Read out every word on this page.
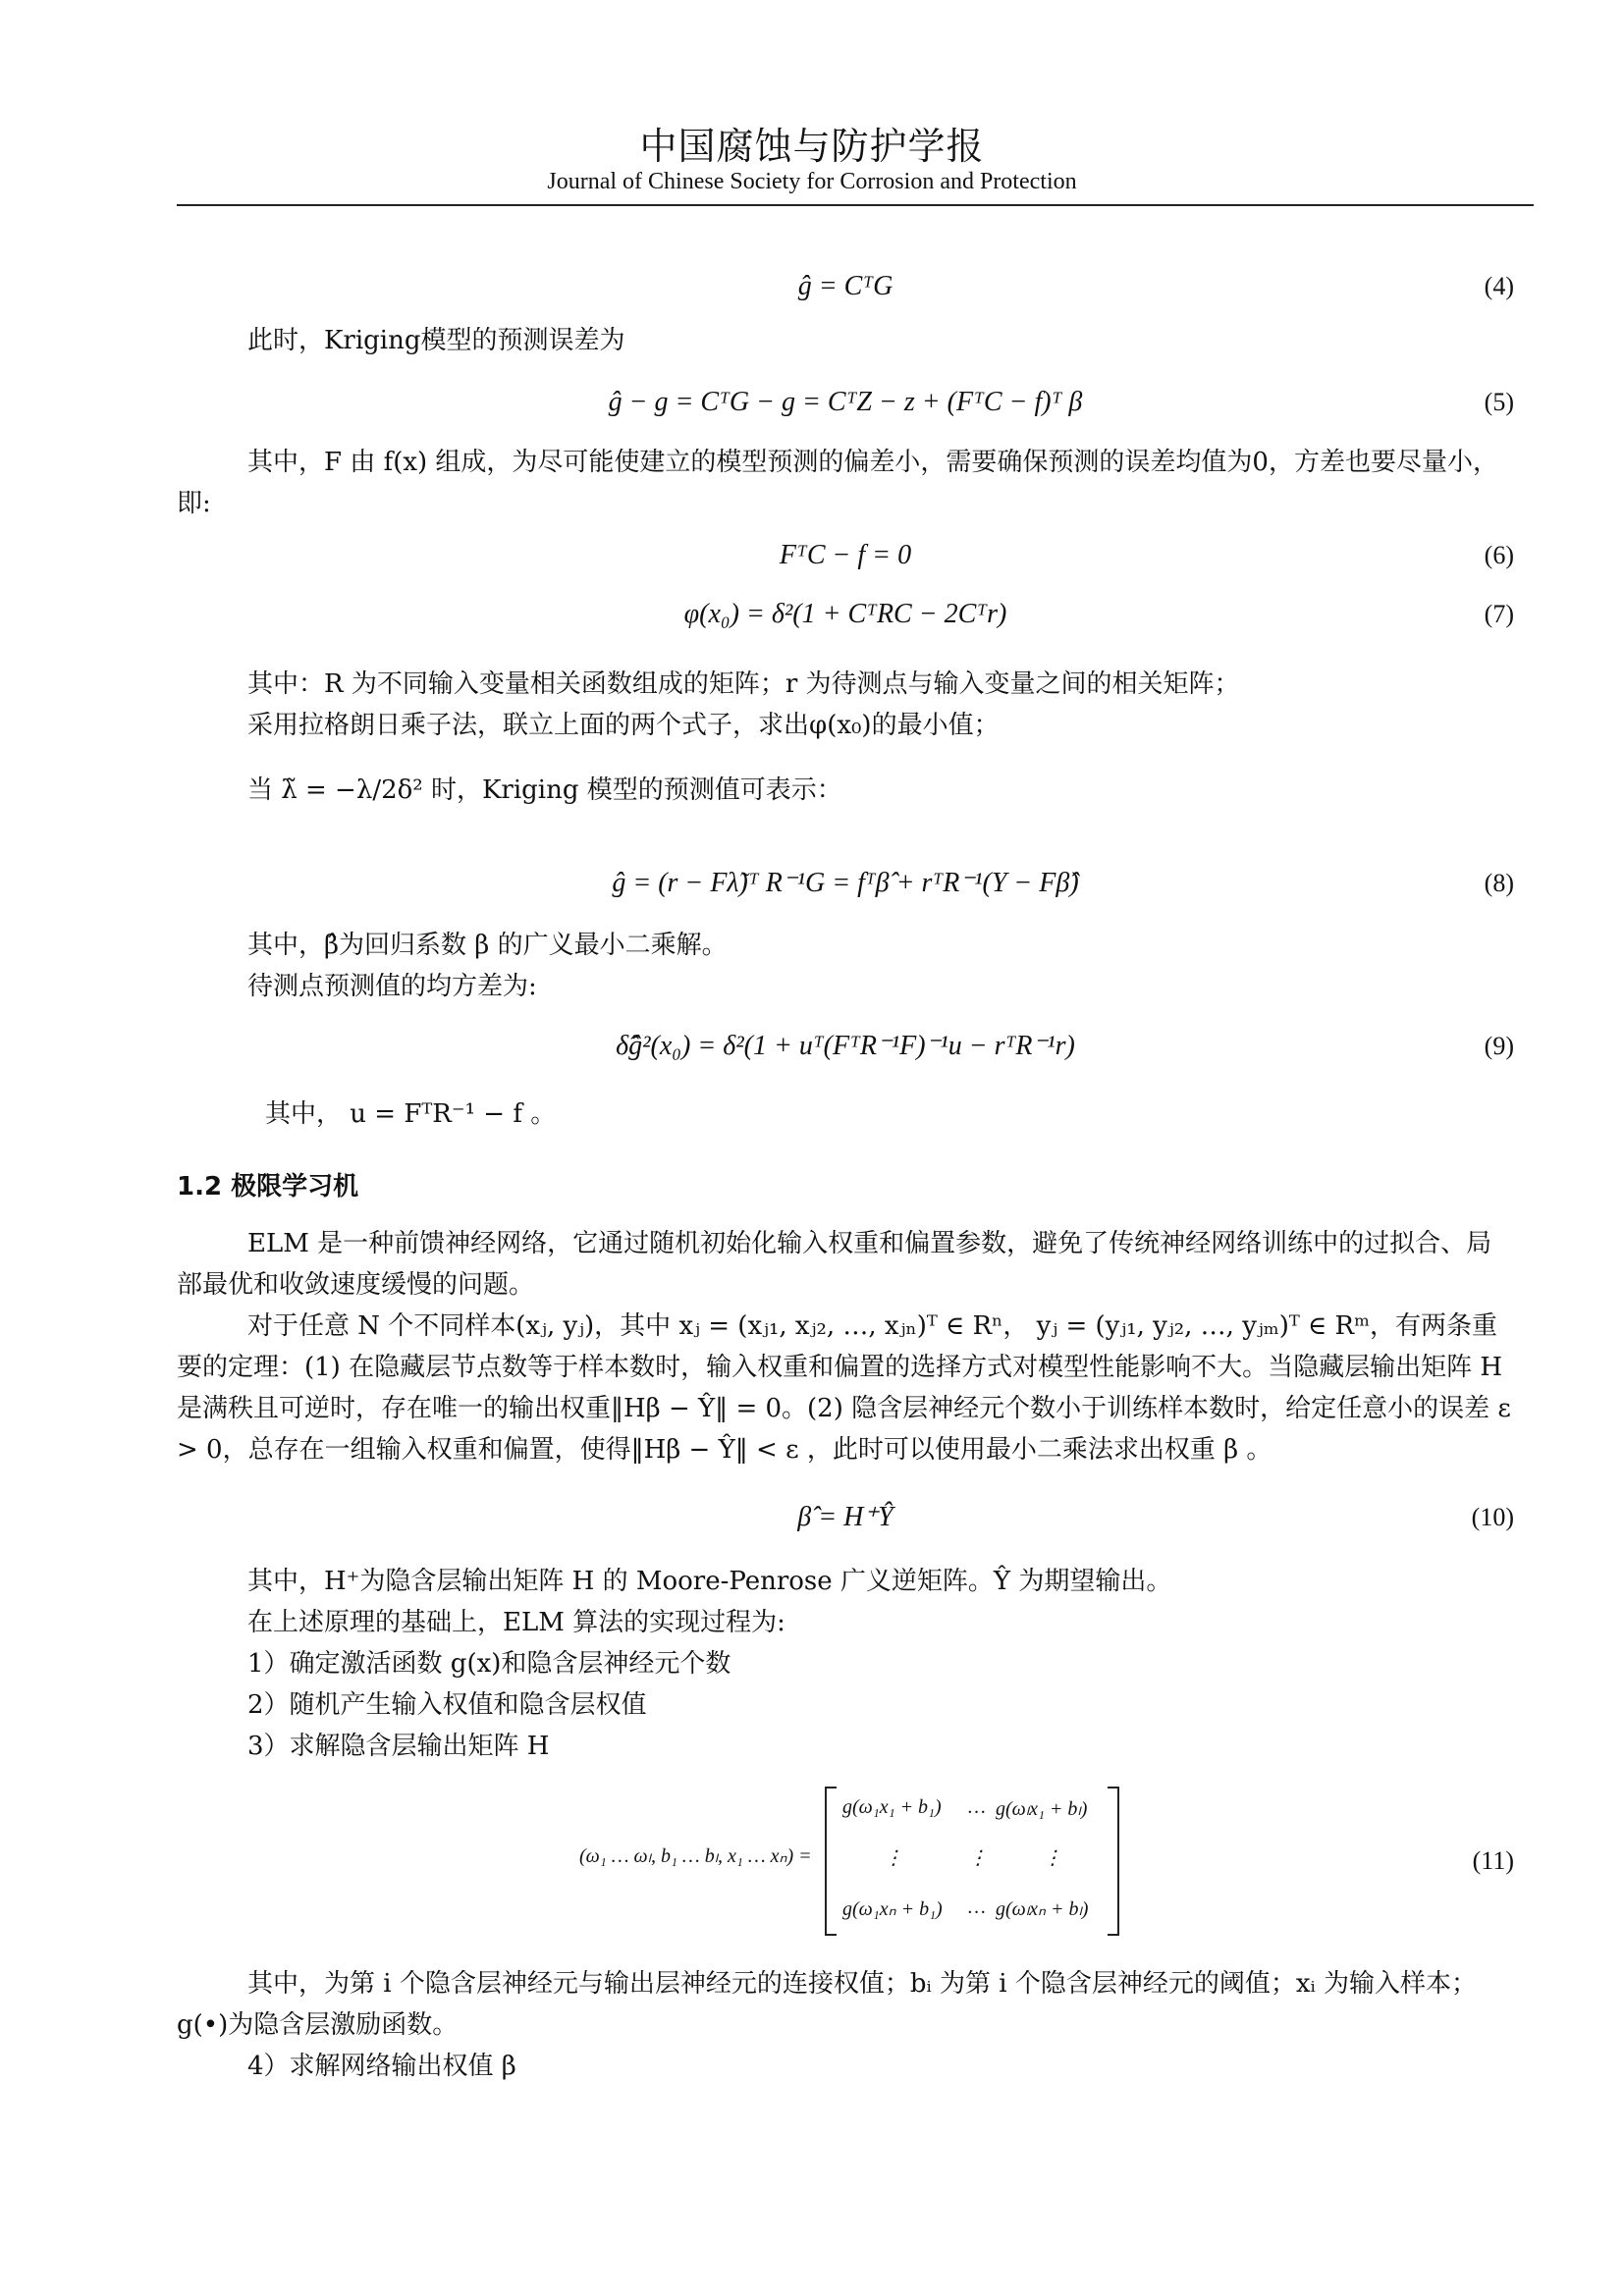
中国腐蚀与防护学报
Journal of Chinese Society for Corrosion and Protection
ĝ = CᵀG	(4)
此时，Kriging模型的预测误差为
ĝ − g = CᵀG − g = CᵀZ − z + (FᵀC − f)ᵀ β	(5)
其中，F 由 f(x) 组成，为尽可能使建立的模型预测的偏差小，需要确保预测的误差均值为0，方差也要尽量小，即:
FᵀC − f = 0	(6)
φ(x₀) = δ²(1 + CᵀRC − 2Cᵀr)	(7)
其中：R 为不同输入变量相关函数组成的矩阵；r 为待测点与输入变量之间的相关矩阵；
采用拉格朗日乘子法，联立上面的两个式子，求出φ(x₀)的最小值；
当 λ̃ = −λ/2δ² 时，Kriging 模型的预测值可表示：
ĝ = (r − Fλ̃)ᵀ R⁻¹G = fᵀβ̂ + rᵀR⁻¹(Y − Fβ̂)	(8)
其中，β̂为回归系数 β 的广义最小二乘解。
待测点预测值的均方差为:
δ̂ĝ²(x₀) = δ²(1 + uᵀ(FᵀR⁻¹F)⁻¹u − rᵀR⁻¹r)	(9)
其中， u = FᵀR⁻¹ − f 。
1.2 极限学习机
ELM 是一种前馈神经网络，它通过随机初始化输入权重和偏置参数，避免了传统神经网络训练中的过拟合、局部最优和收敛速度缓慢的问题。
对于任意 N 个不同样本(xⱼ, yⱼ)，其中 xⱼ = (xⱼ₁, xⱼ₂, …, xⱼₙ)ᵀ ∈ Rⁿ， yⱼ = (yⱼ₁, yⱼ₂, …, yⱼₘ)ᵀ ∈ Rᵐ，有两条重要的定理：(1) 在隐藏层节点数等于样本数时，输入权重和偏置的选择方式对模型性能影响不大。当隐藏层输出矩阵 H 是满秩且可逆时，存在唯一的输出权重‖Hβ − Ŷ‖ = 0。(2) 隐含层神经元个数小于训练样本数时，给定任意小的误差 ε > 0，总存在一组输入权重和偏置，使得‖Hβ − Ŷ‖ < ε ，此时可以使用最小二乘法求出权重 β 。
β̂ = H⁺Ŷ	(10)
其中，H⁺为隐含层输出矩阵 H 的 Moore-Penrose 广义逆矩阵。Ŷ 为期望输出。
在上述原理的基础上，ELM 算法的实现过程为:
1）确定激活函数 g(x)和隐含层神经元个数
2）随机产生输入权值和隐含层权值
3）求解隐含层输出矩阵 H
(ω₁ … ωₗ, b₁ … bₗ, x₁ … xₙ) =
g(ω₁x₁ + b₁) … g(ωₗx₁ + bₗ)
⋮	⋮	⋮
g(ω₁xₙ + b₁) … g(ωₗxₙ + bₗ)
(11)
其中，为第 i 个隐含层神经元与输出层神经元的连接权值；bᵢ 为第 i 个隐含层神经元的阈值；xᵢ 为输入样本；g(•)为隐含层激励函数。
4）求解网络输出权值 β
